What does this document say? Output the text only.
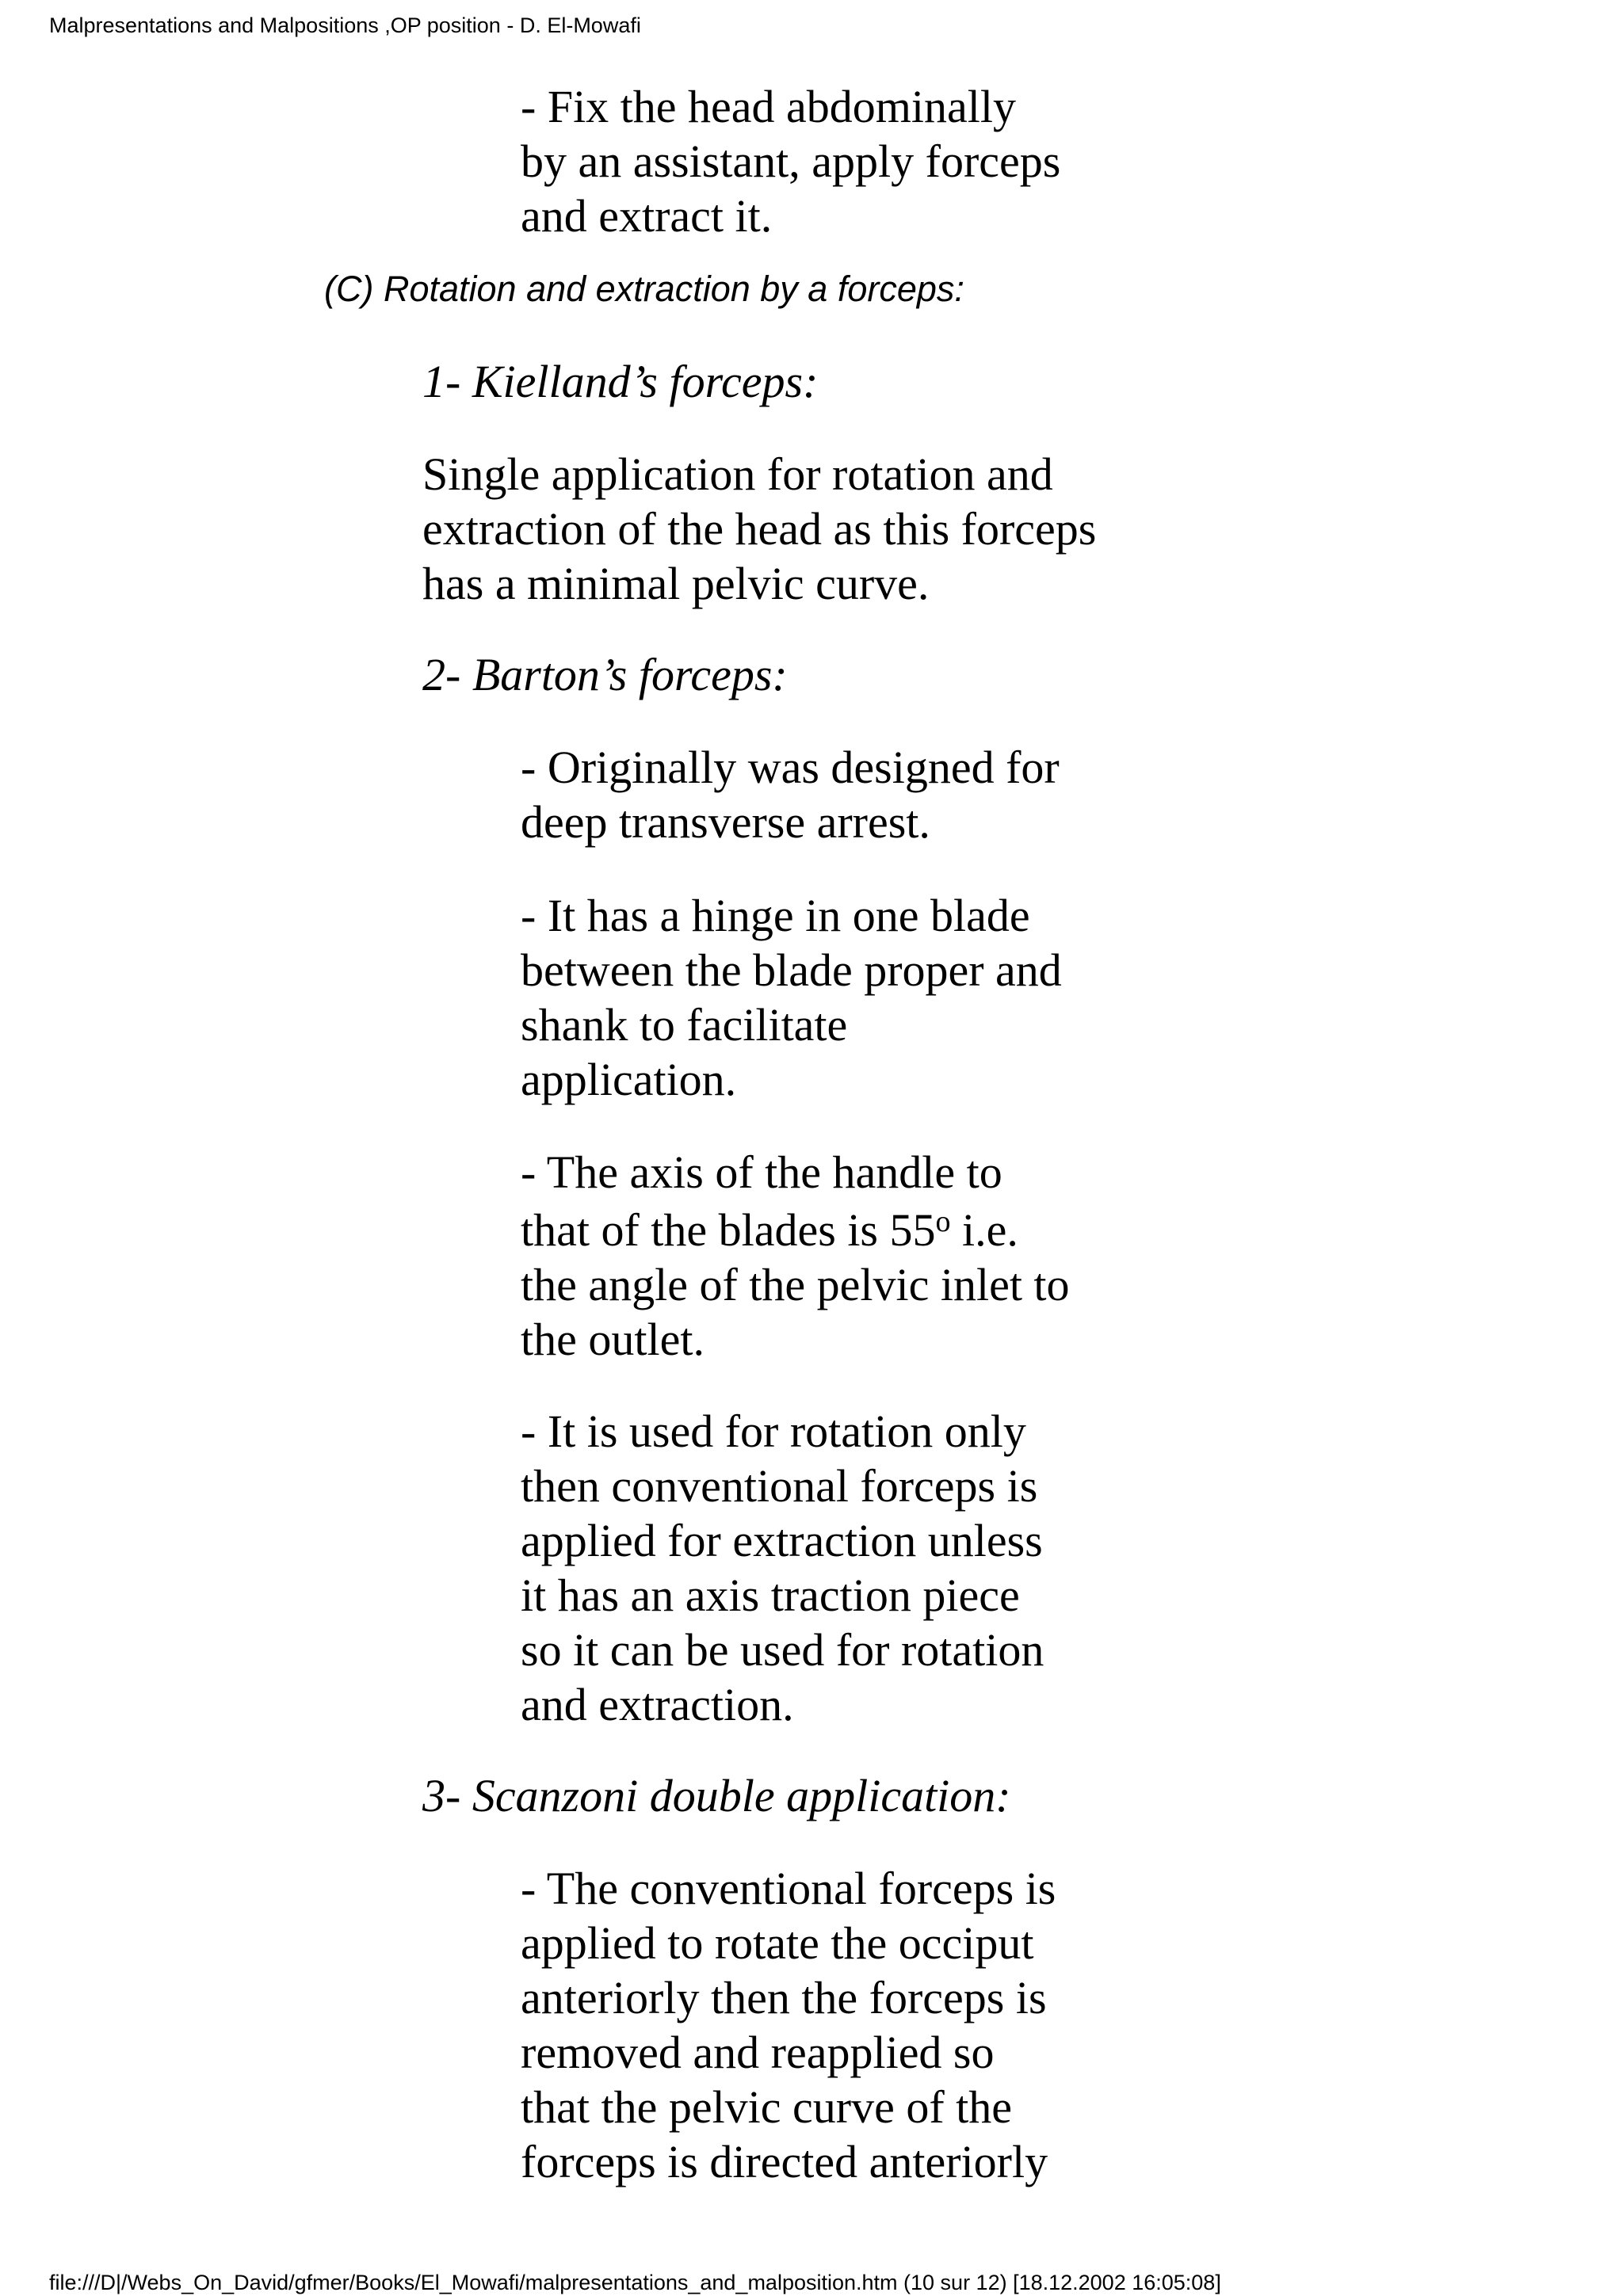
Malpresentations and Malpositions ,OP position - D. El-Mowafi
- Fix the head abdominally
by an assistant, apply forceps
and extract it.
(C) Rotation and extraction by a forceps:
1- Kielland’s forceps:
Single application for rotation and
extraction of the head as this forceps
has a minimal pelvic curve.
2- Barton’s forceps:
- Originally was designed for
deep transverse arrest.
- It has a hinge in one blade
between the blade proper and
shank to facilitate
application.
- The axis of the handle to
that of the blades is 55$^o$ i.e.
the angle of the pelvic inlet to
the outlet.
- It is used for rotation only
then conventional forceps is
applied for extraction unless
it has an axis traction piece
so it can be used for rotation
and extraction.
3- Scanzoni double application:
- The conventional forceps is
applied to rotate the occiput
anteriorly then the forceps is
removed and reapplied so
that the pelvic curve of the
forceps is directed anteriorly
file:///D|/Webs_On_David/gfmer/Books/El_Mowafi/malpresentations_and_malposition.htm (10 sur 12) [18.12.2002 16:05:08]
